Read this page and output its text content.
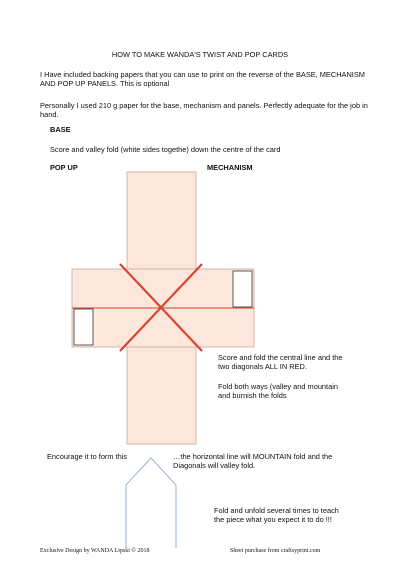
HOW TO MAKE WANDA'S TWIST AND POP CARDS
I Have included backing papers that you can use to print on the reverse of the BASE, MECHANISM AND POP UP PANELS. This is optional
Personally I used 210 g paper for the base, mechanism and panels. Perfectly adequate for the job in hand.
BASE
Score and valley fold (white sides togethe) down the centre of the card
POP UP	MECHANISM
Score and fold the central line and the two diagonals ALL IN RED.
Fold both ways (valley and mountain and burnish the folds
Encourage it to form this	…the horizontal line will MOUNTAIN fold and the Diagonals will valley fold.
Fold and unfold several times to teach the piece what you expect it to do !!!
Exclusive Design by WANDA Lipski © 2018	Sheet purchase from craftsyprint.com
